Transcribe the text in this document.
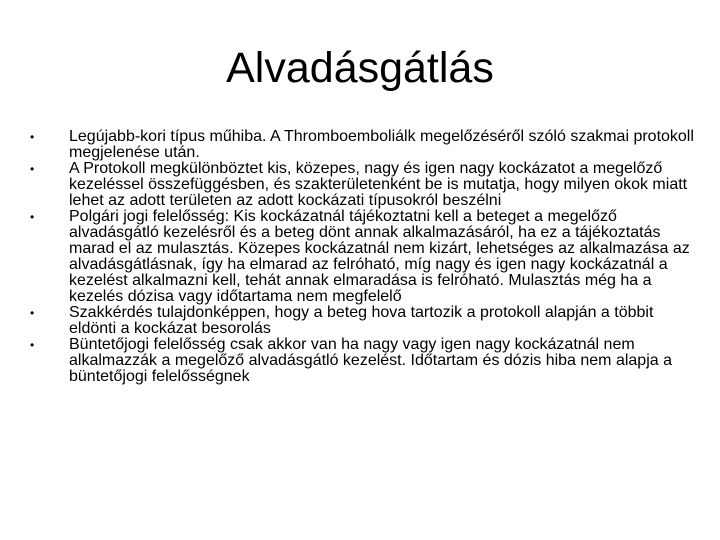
Alvadásgátlás
•	Legújabb-kori típus műhiba. A Thromboemboliálk megelőzéséről szóló szakmai protokoll megjelenése után.
•	A Protokoll megkülönböztet kis, közepes, nagy és igen nagy kockázatot a megelőző kezeléssel összefüggésben, és szakterületenként be is mutatja, hogy milyen okok miatt lehet az adott területen az adott kockázati típusokról beszélni
•	Polgári jogi felelősség: Kis kockázatnál tájékoztatni kell a beteget a megelőző alvadásgátló kezelésről és a beteg dönt annak alkalmazásáról, ha ez a tájékoztatás marad el az mulasztás. Közepes kockázatnál nem kizárt, lehetséges az alkalmazása az alvadásgátlásnak, így ha elmarad az felróható, míg nagy és igen nagy kockázatnál a kezelést alkalmazni kell, tehát annak elmaradása is felróható. Mulasztás még ha a kezelés dózisa vagy időtartama nem megfelelő
•	Szakkérdés tulajdonképpen, hogy a beteg hova tartozik a protokoll alapján a többit eldönti a kockázat besorolás
•	Büntetőjogi felelősség csak akkor van ha nagy vagy igen nagy kockázatnál nem alkalmazzák a megelőző alvadásgátló kezelést. Időtartam és dózis hiba nem alapja a büntetőjogi felelősségnek
